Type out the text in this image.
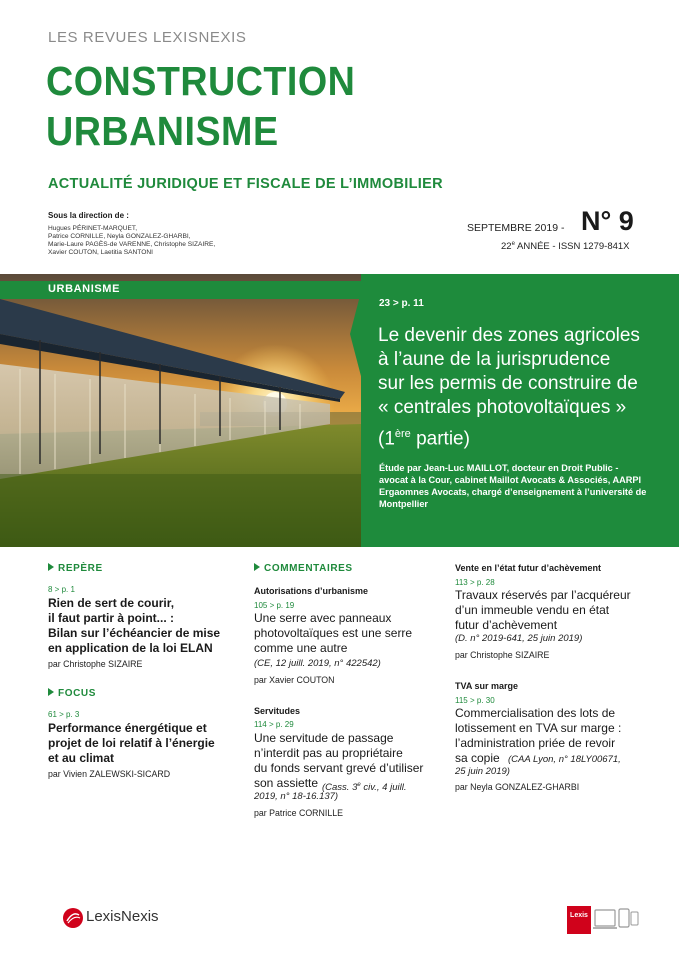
LES REVUES LEXISNEXIS
CONSTRUCTION
URBANISME
ACTUALITÉ JURIDIQUE ET FISCALE DE L’IMMOBILIER
Sous la direction de :
Hugues PÉRINET-MARQUET,
Patrice CORNILLE, Neyla GONZALEZ-GHARBI,
Marie-Laure PAGÈS-de VARENNE, Christophe SIZAIRE,
Xavier COUTON, Laetitia SANTONI
SEPTEMBRE 2019 - N° 9
22e ANNÉE - ISSN 1279-841X
URBANISME
23 > p. 11
Le devenir des zones agricoles
à l’aune de la jurisprudence
sur les permis de construire de
« centrales photovoltaïques »
(1ère partie)
Étude par Jean-Luc MAILLOT, docteur en Droit Public -
avocat à la Cour, cabinet Maillot Avocats & Associés, AARPI
Ergaomnes Avocats, chargé d’enseignement à l’université de
Montpellier
REPÈRE
8 > p. 1
Rien de sert de courir,
il faut partir à point... :
Bilan sur l’échéancier de mise
en application de la loi ELAN
par Christophe SIZAIRE
FOCUS
61 > p. 3
Performance énergétique et
projet de loi relatif à l’énergie
et au climat
par Vivien ZALEWSKI-SICARD
COMMENTAIRES
Autorisations d’urbanisme
105 > p. 19
Une serre avec panneaux
photovoltaïques est une serre
comme une autre
(CE, 12 juill. 2019, n° 422542)
par Xavier COUTON
Servitudes
114 > p. 29
Une servitude de passage
n’interdit pas au propriétaire
du fonds servant grevé d’utiliser
son assiette (Cass. 3e civ., 4 juill.
2019, n° 18-16.137)
par Patrice CORNILLE
Vente en l’état futur d’achèvement
113 > p. 28
Travaux réservés par l’acquéreur
d’un immeuble vendu en état
futur d’achèvement
(D. n° 2019-641, 25 juin 2019)
par Christophe SIZAIRE
TVA sur marge
115 > p. 30
Commercialisation des lots de
lotissement en TVA sur marge :
l’administration priée de revoir
sa copie (CAA Lyon, n° 18LY00671,
25 juin 2019)
par Neyla GONZALEZ-GHARBI
LexisNexis	Lexis
